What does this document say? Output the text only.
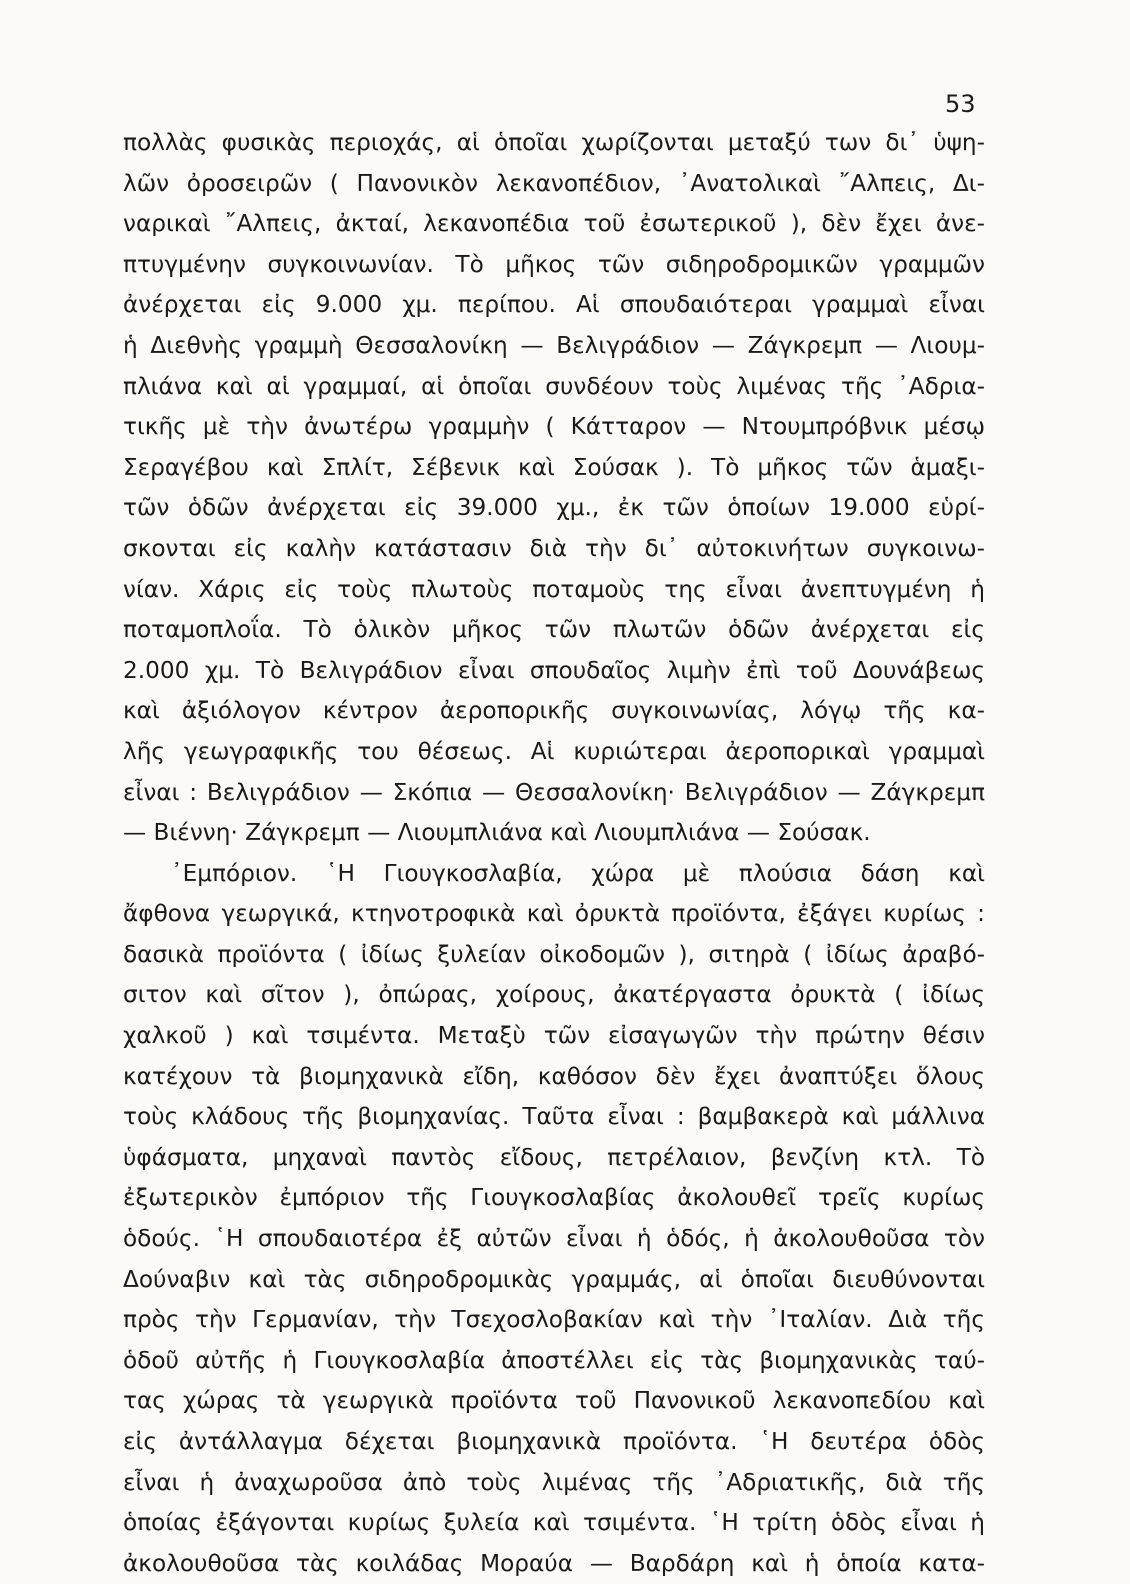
53
πολλὰς φυσικὰς περιοχάς, αἱ ὁποῖαι χωρίζονται μεταξύ των δι᾽ ὑψη-
λῶν ὀροσειρῶν ( Πανονικὸν λεκανοπέδιον, ᾿Ανατολικαὶ ῎Αλπεις, Δι-
ναρικαὶ ῎Αλπεις, ἀκταί, λεκανοπέδια τοῦ ἐσωτερικοῦ ), δὲν ἔχει ἀνε-
πτυγμένην συγκοινωνίαν. Τὸ μῆκος τῶν σιδηροδρομικῶν γραμμῶν
ἀνέρχεται εἰς 9.000 χμ. περίπου. Αἱ σπουδαιότεραι γραμμαὶ εἶναι
ἡ Διεθνὴς γραμμὴ Θεσσαλονίκη — Βελιγράδιον — Ζάγκρεμπ — Λιουμ-
πλιάνα καὶ αἱ γραμμαί, αἱ ὁποῖαι συνδέουν τοὺς λιμένας τῆς ᾿Αδρια-
τικῆς μὲ τὴν ἀνωτέρω γραμμὴν ( Κάτταρον — Ντουμπρόβνικ μέσῳ
Σεραγέβου καὶ Σπλίτ, Σέβενικ καὶ Σούσακ ). Τὸ μῆκος τῶν ἁμαξι-
τῶν ὁδῶν ἀνέρχεται εἰς 39.000 χμ., ἐκ τῶν ὁποίων 19.000 εὑρί-
σκονται εἰς καλὴν κατάστασιν διὰ τὴν δι᾽ αὐτοκινήτων συγκοινω-
νίαν. Χάρις εἰς τοὺς πλωτοὺς ποταμοὺς της εἶναι ἀνεπτυγμένη ἡ
ποταμοπλοΐα. Τὸ ὁλικὸν μῆκος τῶν πλωτῶν ὁδῶν ἀνέρχεται εἰς
2.000 χμ. Τὸ Βελιγράδιον εἶναι σπουδαῖος λιμὴν ἐπὶ τοῦ Δουνάβεως
καὶ ἀξιόλογον κέντρον ἀεροπορικῆς συγκοινωνίας, λόγῳ τῆς κα-
λῆς γεωγραφικῆς του θέσεως. Αἱ κυριώτεραι ἀεροπορικαὶ γραμμαὶ
εἶναι : Βελιγράδιον — Σκόπια — Θεσσαλονίκη· Βελιγράδιον — Ζάγκρεμπ
— Βιέννη· Ζάγκρεμπ — Λιουμπλιάνα καὶ Λιουμπλιάνα — Σούσακ.
᾿Εμπόριον. ῾Η Γιουγκοσλαβία, χώρα μὲ πλούσια δάση καὶ
ἄφθονα γεωργικά, κτηνοτροφικὰ καὶ ὀρυκτὰ προϊόντα, ἐξάγει κυρίως :
δασικὰ προϊόντα ( ἰδίως ξυλείαν οἰκοδομῶν ), σιτηρὰ ( ἰδίως ἀραβό-
σιτον καὶ σῖτον ), ὀπώρας, χοίρους, ἀκατέργαστα ὀρυκτὰ ( ἰδίως
χαλκοῦ ) καὶ τσιμέντα. Μεταξὺ τῶν εἰσαγωγῶν τὴν πρώτην θέσιν
κατέχουν τὰ βιομηχανικὰ εἴδη, καθόσον δὲν ἔχει ἀναπτύξει ὅλους
τοὺς κλάδους τῆς βιομηχανίας. Ταῦτα εἶναι : βαμβακερὰ καὶ μάλλινα
ὑφάσματα, μηχαναὶ παντὸς εἴδους, πετρέλαιον, βενζίνη κτλ. Τὸ
ἐξωτερικὸν ἐμπόριον τῆς Γιουγκοσλαβίας ἀκολουθεῖ τρεῖς κυρίως
ὁδούς. ῾Η σπουδαιοτέρα ἐξ αὐτῶν εἶναι ἡ ὁδός, ἡ ἀκολουθοῦσα τὸν
Δούναβιν καὶ τὰς σιδηροδρομικὰς γραμμάς, αἱ ὁποῖαι διευθύνονται
πρὸς τὴν Γερμανίαν, τὴν Τσεχοσλοβακίαν καὶ τὴν ᾿Ιταλίαν. Διὰ τῆς
ὁδοῦ αὐτῆς ἡ Γιουγκοσλαβία ἀποστέλλει εἰς τὰς βιομηχανικὰς ταύ-
τας χώρας τὰ γεωργικὰ προϊόντα τοῦ Πανονικοῦ λεκανοπεδίου καὶ
εἰς ἀντάλλαγμα δέχεται βιομηχανικὰ προϊόντα. ῾Η δευτέρα ὁδὸς
εἶναι ἡ ἀναχωροῦσα ἀπὸ τοὺς λιμένας τῆς ᾿Αδριατικῆς, διὰ τῆς
ὁποίας ἐξάγονται κυρίως ξυλεία καὶ τσιμέντα. ῾Η τρίτη ὁδὸς εἶναι ἡ
ἀκολουθοῦσα τὰς κοιλάδας Μοραύα — Βαρδάρη καὶ ἡ ὁποία κατα-
